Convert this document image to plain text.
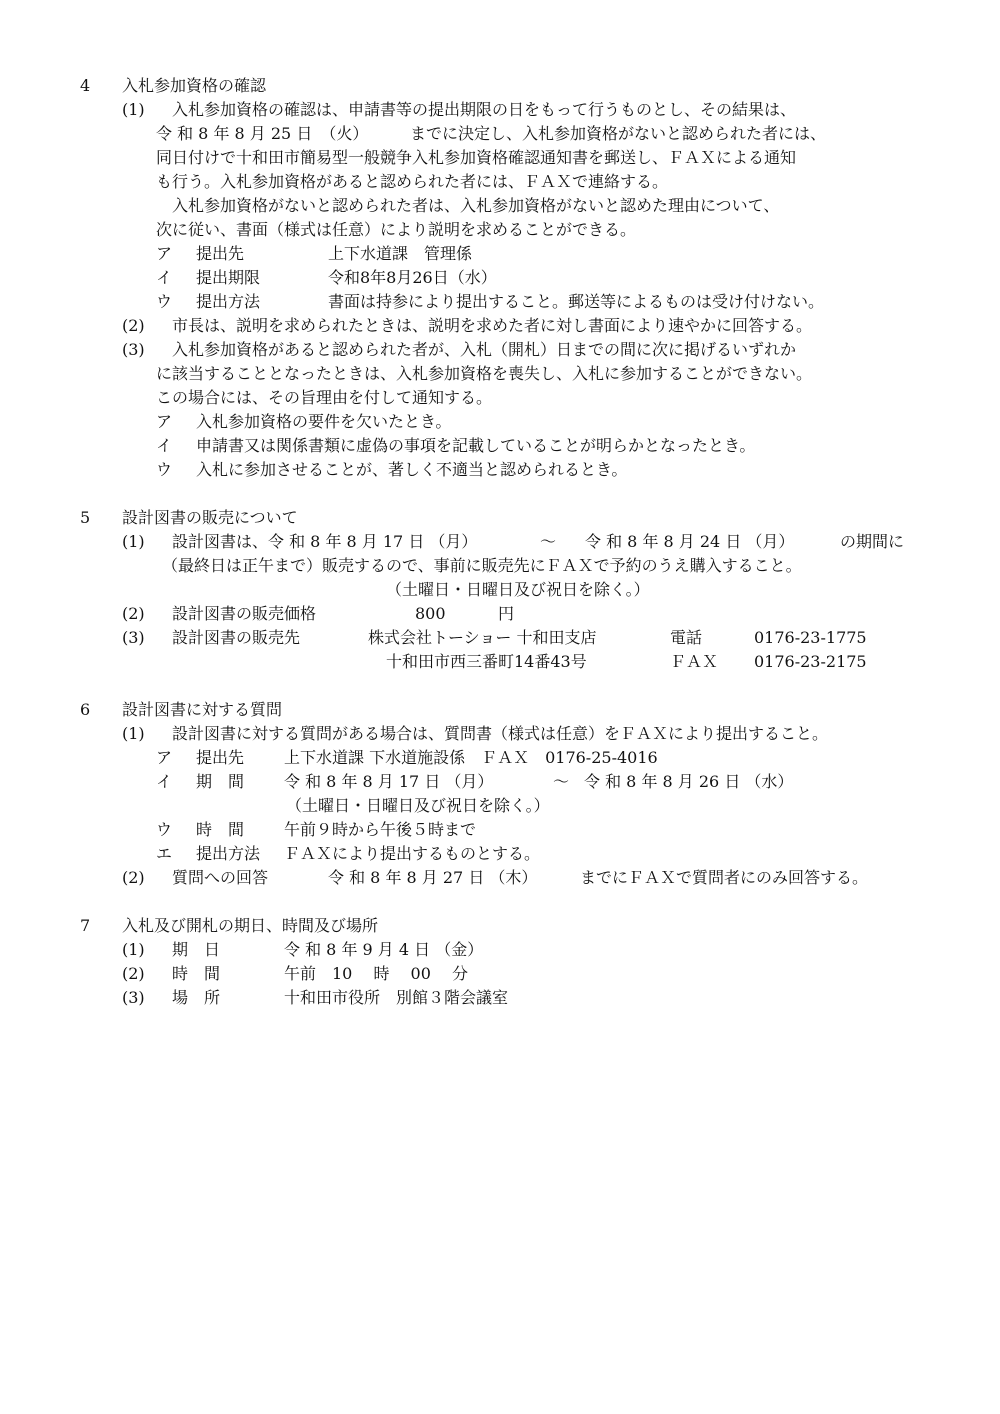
4 入札参加資格の確認
(1) 入札参加資格の確認は、申請書等の提出期限の日をもって行うものとし、その結果は、
令 和 8 年 8 月 25 日　（火）	までに決定し、入札参加資格がないと認められた者には、
同日付けで十和田市簡易型一般競争入札参加資格確認通知書を郵送し、ＦＡＸによる通知
も行う。入札参加資格があると認められた者には、ＦＡＸで連絡する。
入札参加資格がないと認められた者は、入札参加資格がないと認めた理由について、
次に従い、書面（様式は任意）により説明を求めることができる。
ア 提出先	上下水道課　管理係
イ 提出期限	令和8年8月26日（水）
ウ 提出方法	書面は持参により提出すること。郵送等によるものは受け付けない。
(2) 市長は、説明を求められたときは、説明を求めた者に対し書面により速やかに回答する。
(3) 入札参加資格があると認められた者が、入札（開札）日までの間に次に掲げるいずれか
に該当することとなったときは、入札参加資格を喪失し、入札に参加することができない。
この場合には、その旨理由を付して通知する。
ア 入札参加資格の要件を欠いたとき。
イ 申請書又は関係書類に虚偽の事項を記載していることが明らかとなったとき。
ウ 入札に参加させることが、著しく不適当と認められるとき。
5 設計図書の販売について
(1) 設計図書は、令 和 8 年 8 月 17 日 （月）	～ 令 和 8 年 8 月 24 日 （月）	の期間に
（最終日は正午まで）販売するので、事前に販売先にＦＡＸで予約のうえ購入すること。
（土曜日・日曜日及び祝日を除く。）
(2) 設計図書の販売価格	800	円
(3) 設計図書の販売先	株式会社トーショー 十和田支店	電話	0176-23-1775
十和田市西三番町14番43号	ＦＡＸ 0176-23-2175
6 設計図書に対する質問
(1) 設計図書に対する質問がある場合は、質問書（様式は任意）をＦＡＸにより提出すること。
ア 提出先 上下水道課 下水道施設係　ＦＡＸ　0176-25-4016
イ 期　間 令 和 8 年 8 月 17 日 （月）	～ 令 和 8 年 8 月 26 日 （水）
（土曜日・日曜日及び祝日を除く。）
ウ 時　間 午前９時から午後５時まで
エ 提出方法 ＦＡＸにより提出するものとする。
(2) 質問への回答	令 和 8 年 8 月 27 日 （木）	までにＦＡＸで質問者にのみ回答する。
7 入札及び開札の期日、時間及び場所
(1) 期　日	令 和 8 年 9 月 4 日 （金）
(2) 時　間	午前　10　 時　 00　 分
(3) 場　所	十和田市役所　別館３階会議室
